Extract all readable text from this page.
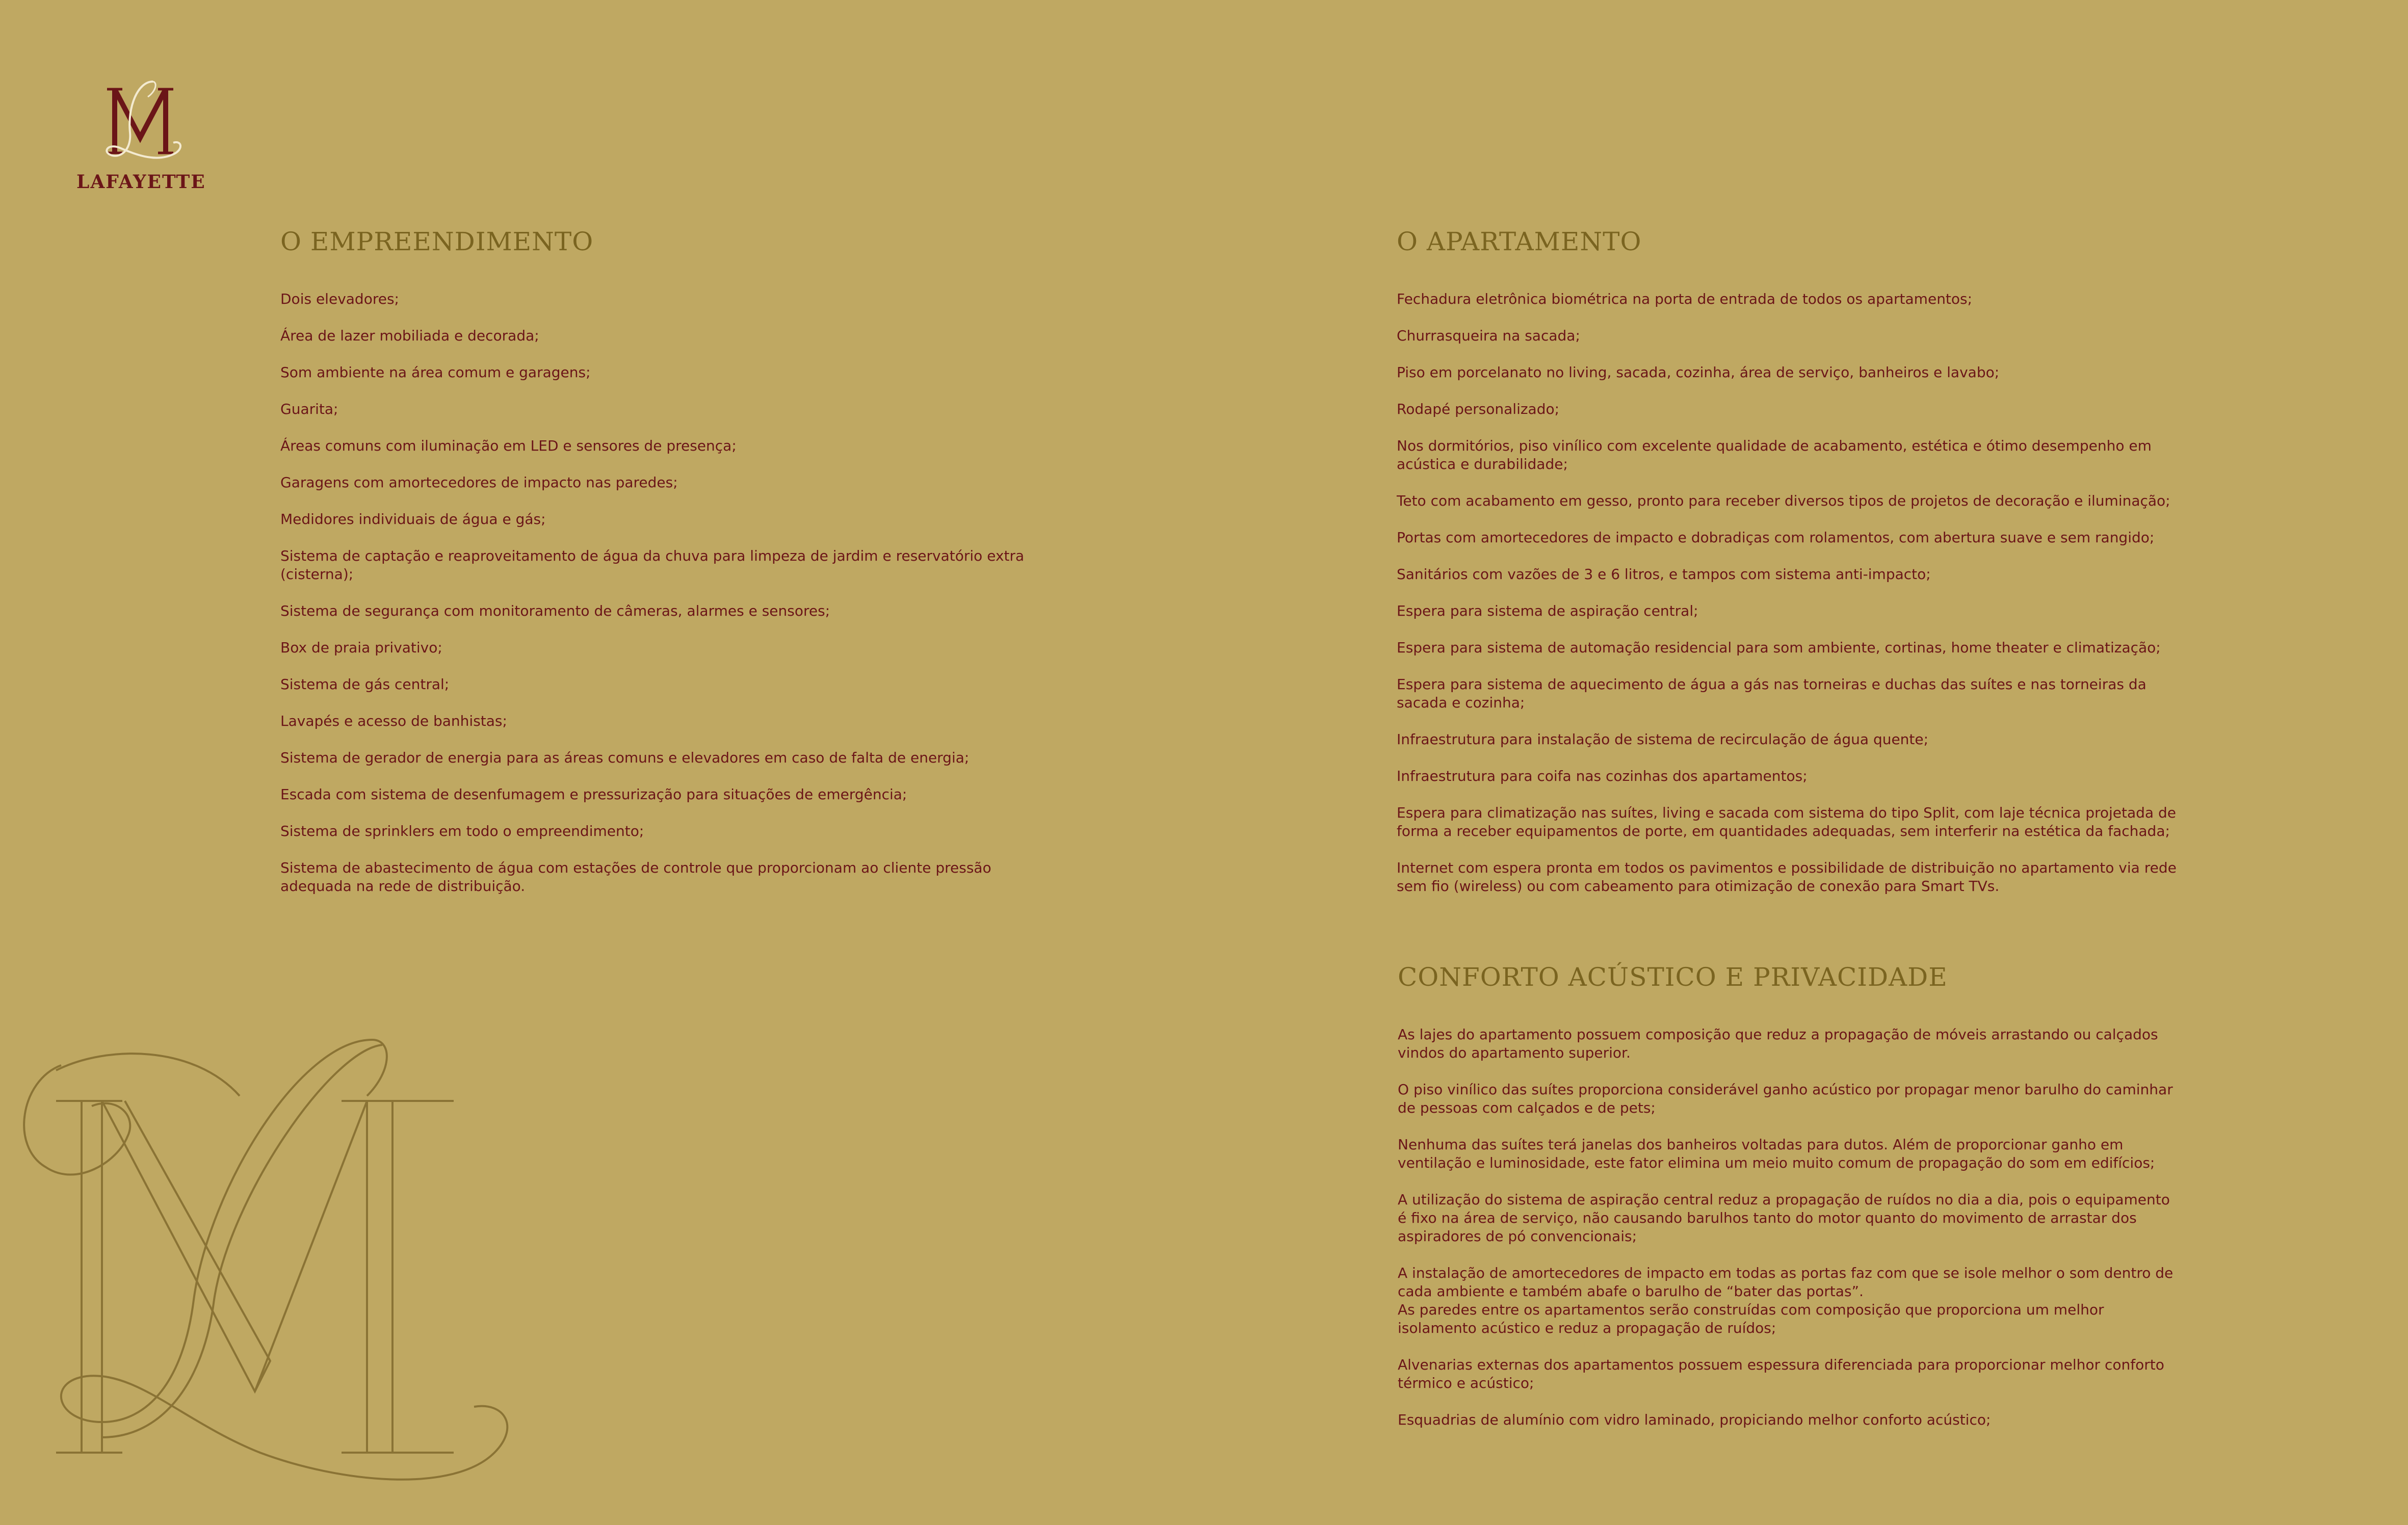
LAFAYETTE
O EMPREENDIMENTO
Dois elevadores;
Área de lazer mobiliada e decorada;
Som ambiente na área comum e garagens;
Guarita;
Áreas comuns com iluminação em LED e sensores de presença;
Garagens com amortecedores de impacto nas paredes;
Medidores individuais de água e gás;
Sistema de captação e reaproveitamento de água da chuva para limpeza de jardim e reservatório extra
(cisterna);
Sistema de segurança com monitoramento de câmeras, alarmes e sensores;
Box de praia privativo;
Sistema de gás central;
Lavapés e acesso de banhistas;
Sistema de gerador de energia para as áreas comuns e elevadores em caso de falta de energia;
Escada com sistema de desenfumagem e pressurização para situações de emergência;
Sistema de sprinklers em todo o empreendimento;
Sistema de abastecimento de água com estações de controle que proporcionam ao cliente pressão
adequada na rede de distribuição.
O APARTAMENTO
Fechadura eletrônica biométrica na porta de entrada de todos os apartamentos;
Churrasqueira na sacada;
Piso em porcelanato no living, sacada, cozinha, área de serviço, banheiros e lavabo;
Rodapé personalizado;
Nos dormitórios, piso vinílico com excelente qualidade de acabamento, estética e ótimo desempenho em
acústica e durabilidade;
Teto com acabamento em gesso, pronto para receber diversos tipos de projetos de decoração e iluminação;
Portas com amortecedores de impacto e dobradiças com rolamentos, com abertura suave e sem rangido;
Sanitários com vazões de 3 e 6 litros, e tampos com sistema anti-impacto;
Espera para sistema de aspiração central;
Espera para sistema de automação residencial para som ambiente, cortinas, home theater e climatização;
Espera para sistema de aquecimento de água a gás nas torneiras e duchas das suítes e nas torneiras da
sacada e cozinha;
Infraestrutura para instalação de sistema de recirculação de água quente;
Infraestrutura para coifa nas cozinhas dos apartamentos;
Espera para climatização nas suítes, living e sacada com sistema do tipo Split, com laje técnica projetada de
forma a receber equipamentos de porte, em quantidades adequadas, sem interferir na estética da fachada;
Internet com espera pronta em todos os pavimentos e possibilidade de distribuição no apartamento via rede
sem fio (wireless) ou com cabeamento para otimização de conexão para Smart TVs.
CONFORTO ACÚSTICO E PRIVACIDADE

As lajes do apartamento possuem composição que reduz a propagação de móveis arrastando ou calçados
vindos do apartamento superior.

O piso vinílico das suítes proporciona considerável ganho acústico por propagar menor barulho do caminhar
de pessoas com calçados e de pets;

Nenhuma das suítes terá janelas dos banheiros voltadas para dutos. Além de proporcionar ganho em
ventilação e luminosidade, este fator elimina um meio muito comum de propagação do som em edifícios;

A utilização do sistema de aspiração central reduz a propagação de ruídos no dia a dia, pois o equipamento
é fixo na área de serviço, não causando barulhos tanto do motor quanto do movimento de arrastar dos
aspiradores de pó convencionais;

A instalação de amortecedores de impacto em todas as portas faz com que se isole melhor o som dentro de
cada ambiente e também abafe o barulho de “bater das portas”.
As paredes entre os apartamentos serão construídas com composição que proporciona um melhor
isolamento acústico e reduz a propagação de ruídos;

Alvenarias externas dos apartamentos possuem espessura diferenciada para proporcionar melhor conforto
térmico e acústico;

Esquadrias de alumínio com vidro laminado, propiciando melhor conforto acústico;
